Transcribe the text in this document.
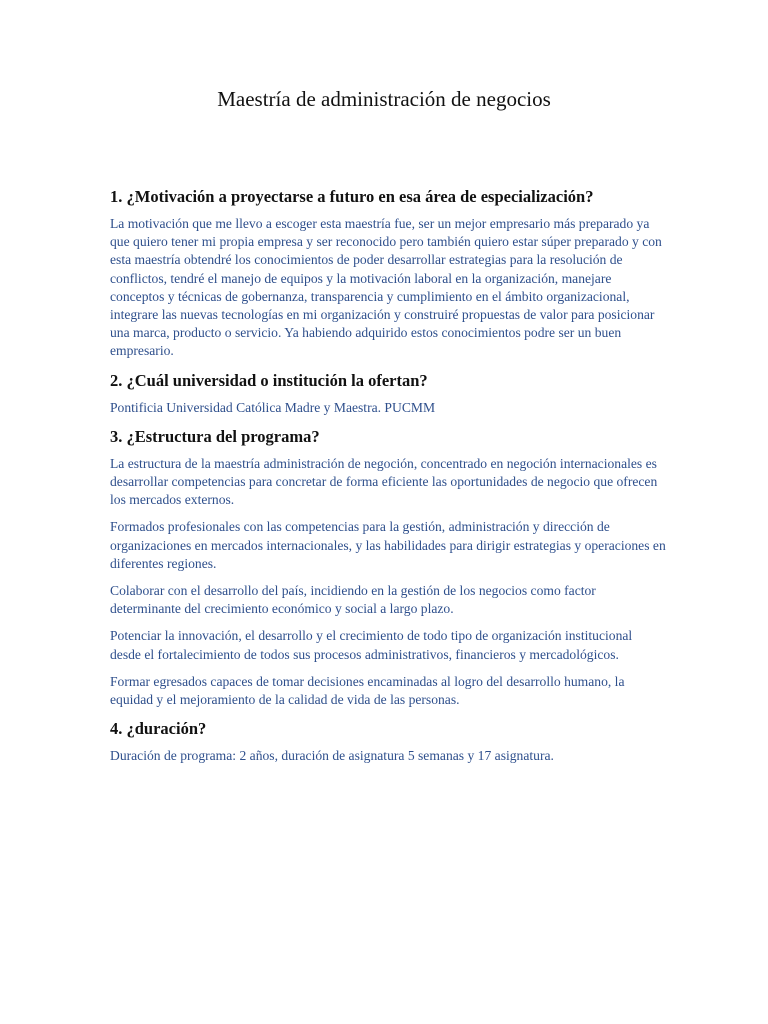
Maestría de administración de negocios
1. ¿Motivación a proyectarse a futuro en esa área de especialización?

La motivación que me llevo a escoger esta maestría fue, ser un mejor empresario más preparado ya que quiero tener mi propia empresa y ser reconocido pero también quiero estar súper preparado y con esta maestría obtendré los conocimientos de poder desarrollar estrategias para la resolución de conflictos, tendré el manejo de equipos y la motivación laboral en la organización, manejare conceptos y técnicas de gobernanza, transparencia y cumplimiento en el ámbito organizacional, integrare las nuevas tecnologías en mi organización y construiré propuestas de valor para posicionar una marca, producto o servicio. Ya habiendo adquirido estos conocimientos podre ser un buen empresario.

2. ¿Cuál universidad o institución la ofertan?

Pontificia Universidad Católica Madre y Maestra. PUCMM

3. ¿Estructura del programa?

La estructura de la maestría administración de negoción, concentrado en negoción internacionales es desarrollar competencias para concretar de forma eficiente las oportunidades de negocio que ofrecen los mercados externos.

Formados profesionales con las competencias para la gestión, administración y dirección de organizaciones en mercados internacionales, y las habilidades para dirigir estrategias y operaciones en diferentes regiones.

Colaborar con el desarrollo del país, incidiendo en la gestión de los negocios como factor determinante del crecimiento económico y social a largo plazo.

Potenciar la innovación, el desarrollo y el crecimiento de todo tipo de organización institucional desde el fortalecimiento de todos sus procesos administrativos, financieros y mercadológicos.

Formar egresados capaces de tomar decisiones encaminadas al logro del desarrollo humano, la equidad y el mejoramiento de la calidad de vida de las personas.

4. ¿duración?

Duración de programa: 2 años, duración de asignatura 5 semanas y 17 asignatura.
